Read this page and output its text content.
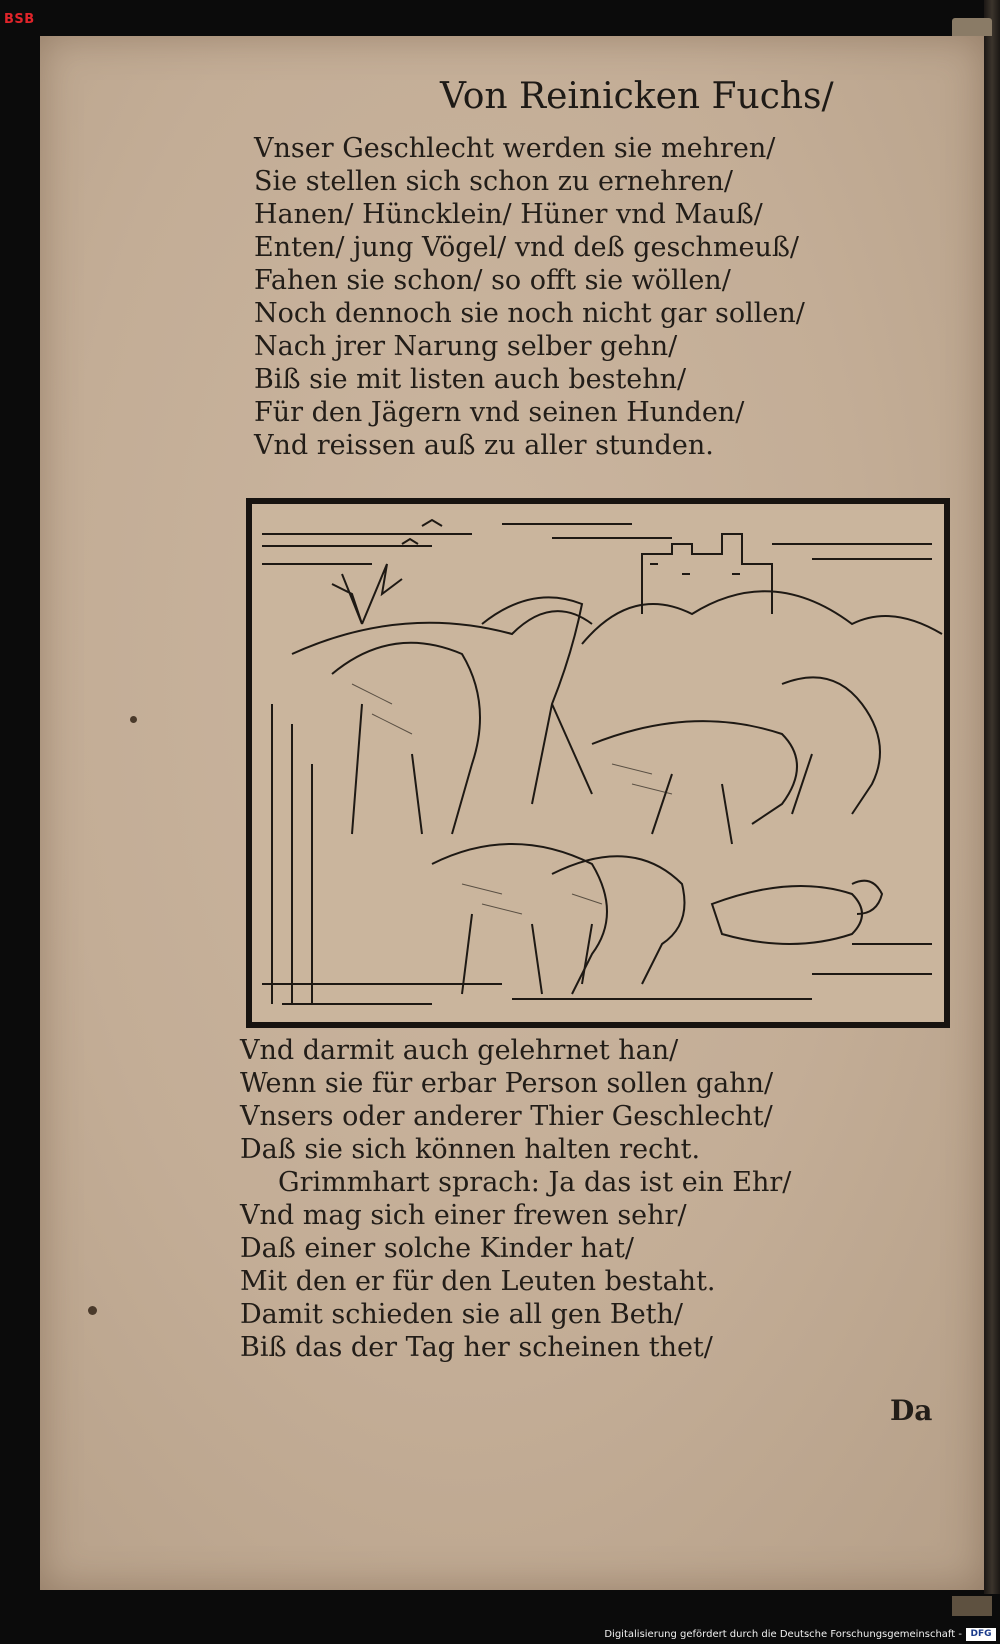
BSB
Von Reinicken Fuchs/
Vnser Geschlecht werden sie mehren/
Sie stellen sich schon zu ernehren/
Hanen/ Hüncklein/ Hüner vnd Mauß/
Enten/ jung Vögel/ vnd deß geschmeuß/
Fahen sie schon/ so offt sie wöllen/
Noch dennoch sie noch nicht gar sollen/
Nach jrer Narung selber gehn/
Biß sie mit listen auch bestehn/
Für den Jägern vnd seinen Hunden/
Vnd reissen auß zu aller stunden.
Vnd darmit auch gelehrnet han/
Wenn sie für erbar Person sollen gahn/
Vnsers oder anderer Thier Geschlecht/
Daß sie sich können halten recht.
Grimmhart sprach: Ja das ist ein Ehr/
Vnd mag sich einer frewen sehr/
Daß einer solche Kinder hat/
Mit den er für den Leuten bestaht.
Damit schieden sie all gen Beth/
Biß das der Tag her scheinen thet/
Da
Digitalisierung gefördert durch die Deutsche Forschungsgemeinschaft - DFG
